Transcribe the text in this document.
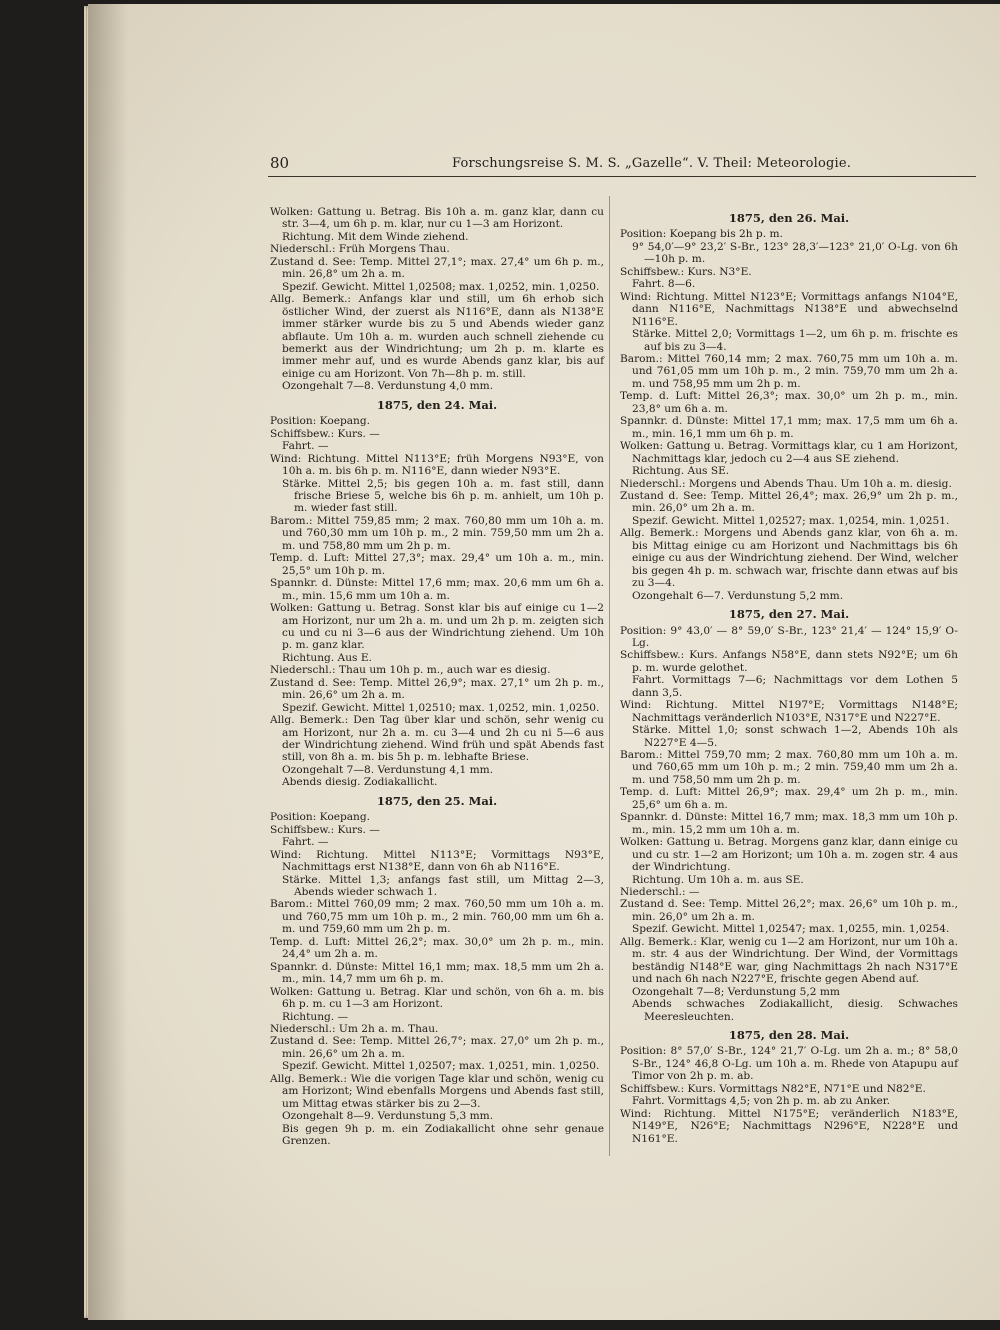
80	Forschungsreise S. M. S. „Gazelle“. V. Theil: Meteorologie.

Wolken: Gattung u. Betrag. Bis 10h a. m. ganz klar, dann cu str. 3—4, um 6h p. m. klar, nur cu 1—3 am Horizont.

Richtung. Mit dem Winde ziehend.

Niederschl.: Früh Morgens Thau.

Zustand d. See: Temp. Mittel 27,1°; max. 27,4° um 6h p. m., min. 26,8° um 2h a. m.

Spezif. Gewicht. Mittel 1,02508; max. 1,0252, min. 1,0250.

Allg. Bemerk.: Anfangs klar und still, um 6h erhob sich östlicher Wind, der zuerst als N116°E, dann als N138°E immer stärker wurde bis zu 5 und Abends wieder ganz abflaute. Um 10h a. m. wurden auch schnell ziehende cu bemerkt aus der Windrichtung; um 2h p. m. klarte es immer mehr auf, und es wurde Abends ganz klar, bis auf einige cu am Horizont. Von 7h—8h p. m. still.

Ozongehalt 7—8. Verdunstung 4,0 mm.

1875, den 24. Mai.

Position: Koepang.

Schiffsbew.: Kurs. —

Fahrt. —

Wind: Richtung. Mittel N113°E; früh Morgens N93°E, von 10h a. m. bis 6h p. m. N116°E, dann wieder N93°E.

Stärke. Mittel 2,5; bis gegen 10h a. m. fast still, dann frische Briese 5, welche bis 6h p. m. anhielt, um 10h p. m. wieder fast still.

Barom.: Mittel 759,85 mm; 2 max. 760,80 mm um 10h a. m. und 760,30 mm um 10h p. m., 2 min. 759,50 mm um 2h a. m. und 758,80 mm um 2h p. m.

Temp. d. Luft: Mittel 27,3°; max. 29,4° um 10h a. m., min. 25,5° um 10h p. m.

Spannkr. d. Dünste: Mittel 17,6 mm; max. 20,6 mm um 6h a. m., min. 15,6 mm um 10h a. m.

Wolken: Gattung u. Betrag. Sonst klar bis auf einige cu 1—2 am Horizont, nur um 2h a. m. und um 2h p. m. zeigten sich cu und cu ni 3—6 aus der Windrichtung ziehend. Um 10h p. m. ganz klar.

Richtung. Aus E.

Niederschl.: Thau um 10h p. m., auch war es diesig.

Zustand d. See: Temp. Mittel 26,9°; max. 27,1° um 2h p. m., min. 26,6° um 2h a. m.

Spezif. Gewicht. Mittel 1,02510; max. 1,0252, min. 1,0250.

Allg. Bemerk.: Den Tag über klar und schön, sehr wenig cu am Horizont, nur 2h a. m. cu 3—4 und 2h cu ni 5—6 aus der Windrichtung ziehend. Wind früh und spät Abends fast still, von 8h a. m. bis 5h p. m. lebhafte Briese.

Ozongehalt 7—8. Verdunstung 4,1 mm.

Abends diesig. Zodiakallicht.

1875, den 25. Mai.

Position: Koepang.

Schiffsbew.: Kurs. —

Fahrt. —

Wind: Richtung. Mittel N113°E; Vormittags N93°E, Nachmittags erst N138°E, dann von 6h ab N116°E.

Stärke. Mittel 1,3; anfangs fast still, um Mittag 2—3, Abends wieder schwach 1.

Barom.: Mittel 760,09 mm; 2 max. 760,50 mm um 10h a. m. und 760,75 mm um 10h p. m., 2 min. 760,00 mm um 6h a. m. und 759,60 mm um 2h p. m.

Temp. d. Luft: Mittel 26,2°; max. 30,0° um 2h p. m., min. 24,4° um 2h a. m.

Spannkr. d. Dünste: Mittel 16,1 mm; max. 18,5 mm um 2h a. m., min. 14,7 mm um 6h p. m.

Wolken: Gattung u. Betrag. Klar und schön, von 6h a. m. bis 6h p. m. cu 1—3 am Horizont.

Richtung. —

Niederschl.: Um 2h a. m. Thau.

Zustand d. See: Temp. Mittel 26,7°; max. 27,0° um 2h p. m., min. 26,6° um 2h a. m.

Spezif. Gewicht. Mittel 1,02507; max. 1,0251, min. 1,0250.

Allg. Bemerk.: Wie die vorigen Tage klar und schön, wenig cu am Horizont; Wind ebenfalls Morgens und Abends fast still, um Mittag etwas stärker bis zu 2—3.

Ozongehalt 8—9. Verdunstung 5,3 mm.

Bis gegen 9h p. m. ein Zodiakallicht ohne sehr genaue Grenzen.

1875, den 26. Mai.

Position: Koepang bis 2h p. m.

9° 54,0′—9° 23,2′ S-Br., 123° 28,3′—123° 21,0′ O-Lg. von 6h—10h p. m.

Schiffsbew.: Kurs. N3°E.

Fahrt. 8—6.

Wind: Richtung. Mittel N123°E; Vormittags anfangs N104°E, dann N116°E, Nachmittags N138°E und abwechselnd N116°E.

Stärke. Mittel 2,0; Vormittags 1—2, um 6h p. m. frischte es auf bis zu 3—4.

Barom.: Mittel 760,14 mm; 2 max. 760,75 mm um 10h a. m. und 761,05 mm um 10h p. m., 2 min. 759,70 mm um 2h a. m. und 758,95 mm um 2h p. m.

Temp. d. Luft: Mittel 26,3°; max. 30,0° um 2h p. m., min. 23,8° um 6h a. m.

Spannkr. d. Dünste: Mittel 17,1 mm; max. 17,5 mm um 6h a. m., min. 16,1 mm um 6h p. m.

Wolken: Gattung u. Betrag. Vormittags klar, cu 1 am Horizont, Nachmittags klar, jedoch cu 2—4 aus SE ziehend.

Richtung. Aus SE.

Niederschl.: Morgens und Abends Thau. Um 10h a. m. diesig.

Zustand d. See: Temp. Mittel 26,4°; max. 26,9° um 2h p. m., min. 26,0° um 2h a. m.

Spezif. Gewicht. Mittel 1,02527; max. 1,0254, min. 1,0251.

Allg. Bemerk.: Morgens und Abends ganz klar, von 6h a. m. bis Mittag einige cu am Horizont und Nachmittags bis 6h einige cu aus der Windrichtung ziehend. Der Wind, welcher bis gegen 4h p. m. schwach war, frischte dann etwas auf bis zu 3—4.

Ozongehalt 6—7. Verdunstung 5,2 mm.

1875, den 27. Mai.

Position: 9° 43,0′ — 8° 59,0′ S-Br., 123° 21,4′ — 124° 15,9′ O-Lg.

Schiffsbew.: Kurs. Anfangs N58°E, dann stets N92°E; um 6h p. m. wurde gelothet.

Fahrt. Vormittags 7—6; Nachmittags vor dem Lothen 5 dann 3,5.

Wind: Richtung. Mittel N197°E; Vormittags N148°E; Nachmittags veränderlich N103°E, N317°E und N227°E.

Stärke. Mittel 1,0; sonst schwach 1—2, Abends 10h als N227°E 4—5.

Barom.: Mittel 759,70 mm; 2 max. 760,80 mm um 10h a. m. und 760,65 mm um 10h p. m.; 2 min. 759,40 mm um 2h a. m. und 758,50 mm um 2h p. m.

Temp. d. Luft: Mittel 26,9°; max. 29,4° um 2h p. m., min. 25,6° um 6h a. m.

Spannkr. d. Dünste: Mittel 16,7 mm; max. 18,3 mm um 10h p. m., min. 15,2 mm um 10h a. m.

Wolken: Gattung u. Betrag. Morgens ganz klar, dann einige cu und cu str. 1—2 am Horizont; um 10h a. m. zogen str. 4 aus der Windrichtung.

Richtung. Um 10h a. m. aus SE.

Niederschl.: —

Zustand d. See: Temp. Mittel 26,2°; max. 26,6° um 10h p. m., min. 26,0° um 2h a. m.

Spezif. Gewicht. Mittel 1,02547; max. 1,0255, min. 1,0254.

Allg. Bemerk.: Klar, wenig cu 1—2 am Horizont, nur um 10h a. m. str. 4 aus der Windrichtung. Der Wind, der Vormittags beständig N148°E war, ging Nachmittags 2h nach N317°E und nach 6h nach N227°E, frischte gegen Abend auf.

Ozongehalt 7—8; Verdunstung 5,2 mm

Abends schwaches Zodiakallicht, diesig. Schwaches Meeresleuchten.

1875, den 28. Mai.

Position: 8° 57,0′ S-Br., 124° 21,7′ O-Lg. um 2h a. m.; 8° 58,0 S-Br., 124° 46,8 O-Lg. um 10h a. m. Rhede von Atapupu auf Timor von 2h p. m. ab.

Schiffsbew.: Kurs. Vormittags N82°E, N71°E und N82°E.

Fahrt. Vormittags 4,5; von 2h p. m. ab zu Anker.

Wind: Richtung. Mittel N175°E; veränderlich N183°E, N149°E, N26°E; Nachmittags N296°E, N228°E und N161°E.
